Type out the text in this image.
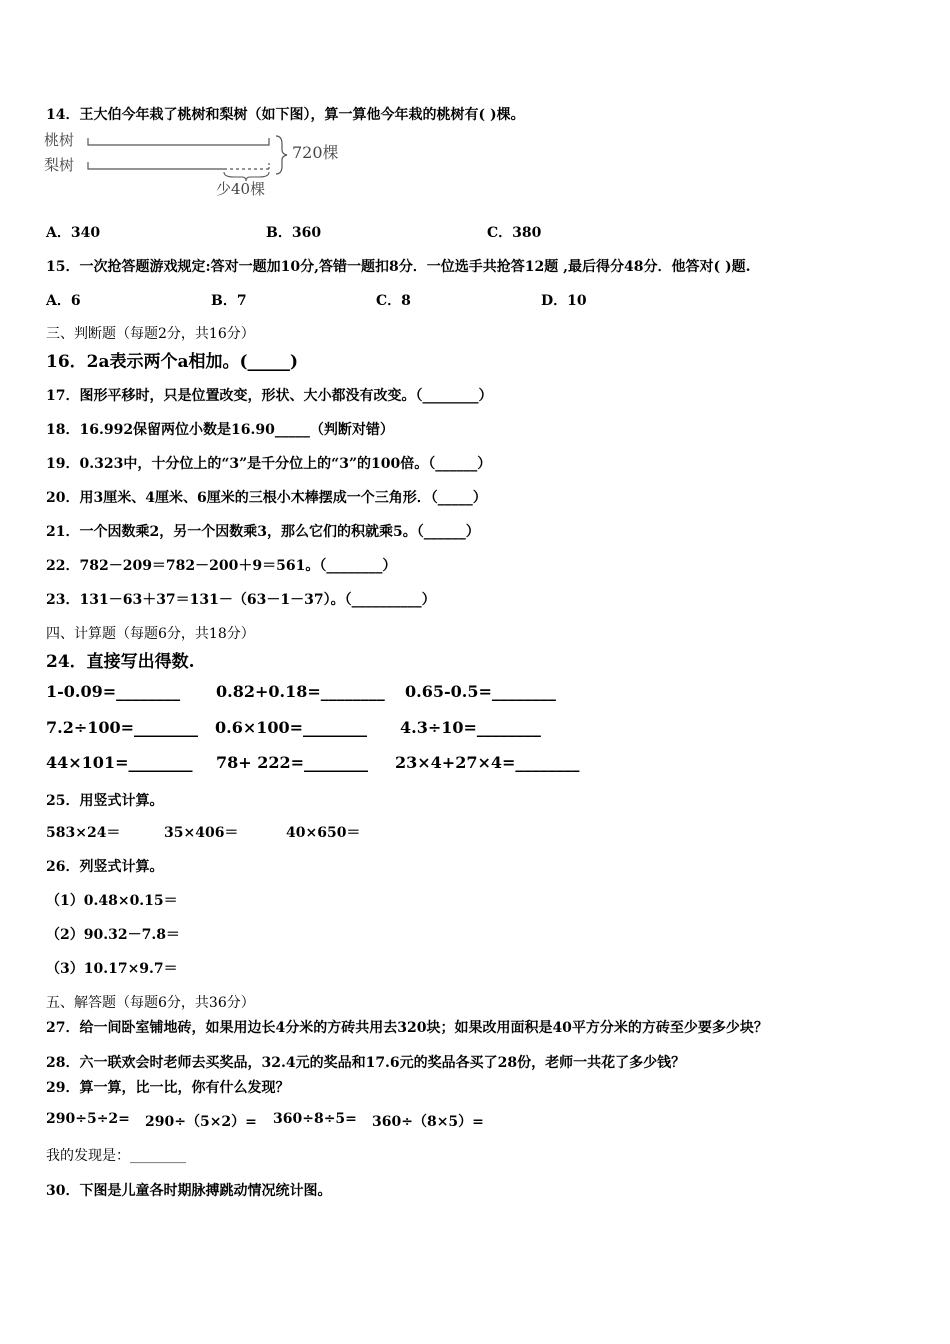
14．王大伯今年栽了桃树和梨树（如下图），算一算他今年栽的桃树有( )棵。
桃树
梨树
720棵
少40棵
A．340	B．360	C．380
15．一次抢答题游戏规定:答对一题加10分,答错一题扣8分．一位选手共抢答12题 ,最后得分48分．他答对( )题.
A．6	B．7	C．8	D．10
三、判断题（每题2分，共16分）
16．2a表示两个a相加。(_____)
17．图形平移时，只是位置改变，形状、大小都没有改变。（________）
18．16.992保留两位小数是16.90_____（判断对错）
19．0.323中，十分位上的“3”是千分位上的“3”的100倍。（______）
20．用3厘米、4厘米、6厘米的三根小木棒摆成一个三角形．（_____）
21．一个因数乘2，另一个因数乘3，那么它们的积就乘5。（______）
22．782－209＝782－200＋9＝561。（________）
23．131－63＋37＝131－（63－1－37）。（__________）
四、计算题（每题6分，共18分）
24．直接写出得数.
1-0.09=________ 0.82+0.18=________ 0.65-0.5=________
7.2÷100=________ 0.6×100=________ 4.3÷10=________
44×101=________ 78+ 222=________ 23×4+27×4=________
25．用竖式计算。
583×24＝	35×406＝	40×650＝
26．列竖式计算。
（1）0.48×0.15＝
（2）90.32－7.8＝
（3）10.17×9.7＝
五、解答题（每题6分，共36分）
27．给一间卧室铺地砖，如果用边长4分米的方砖共用去320块；如果改用面积是40平方分米的方砖至少要多少块？
28．六一联欢会时老师去买奖品，32.4元的奖品和17.6元的奖品各买了28份，老师一共花了多少钱？
29．算一算，比一比，你有什么发现？
290÷5÷2= 290÷（5×2）= 360÷8÷5= 360÷（8×5）=
我的发现是：________
30．下图是儿童各时期脉搏跳动情况统计图。
